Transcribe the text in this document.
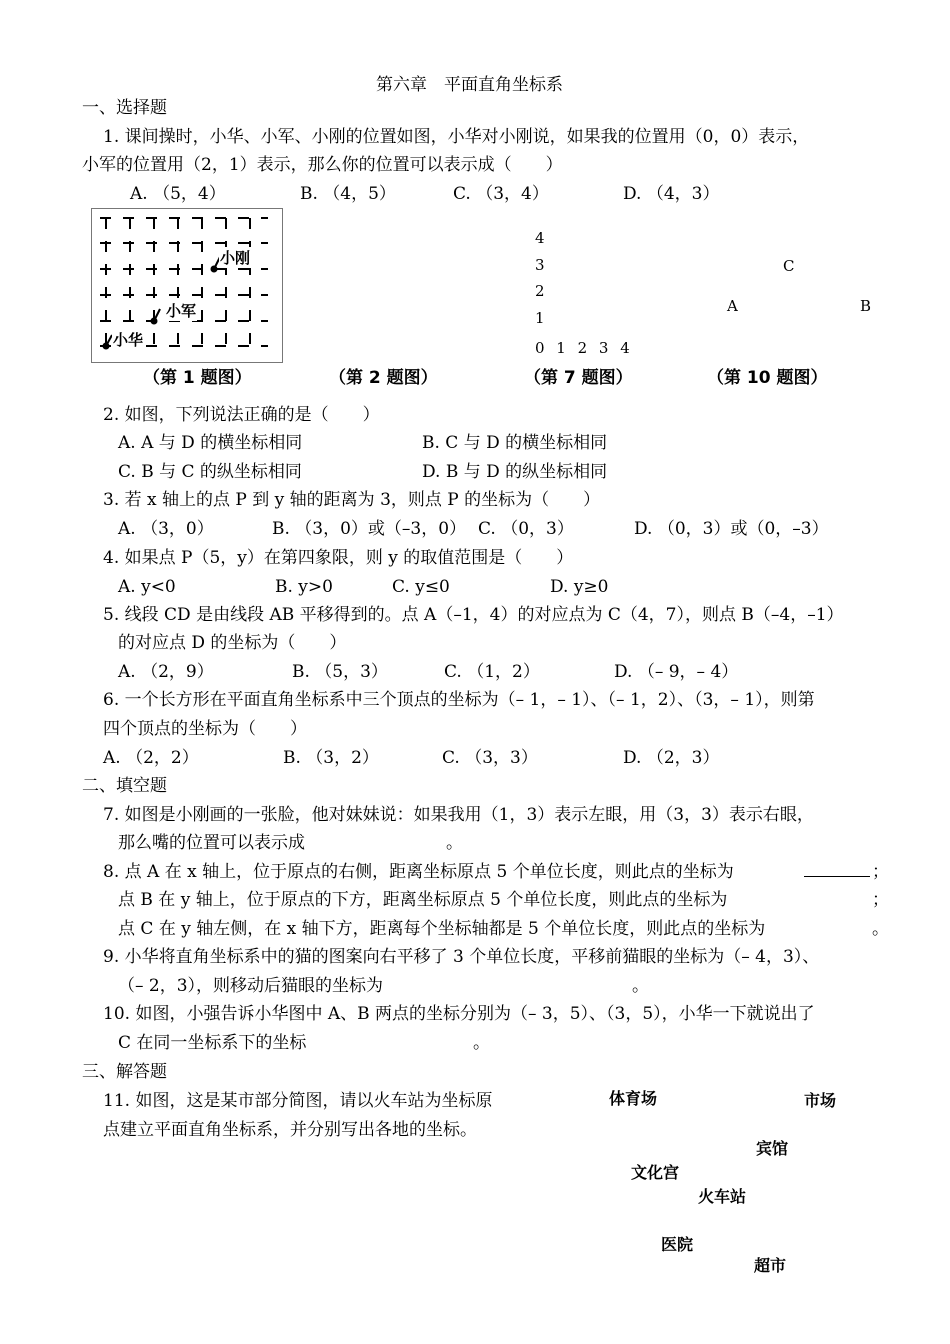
第六章　平面直角坐标系
一、选择题
1. 课间操时，小华、小军、小刚的位置如图，小华对小刚说，如果我的位置用（0，0）表示，
小军的位置用（2，1）表示，那么你的位置可以表示成（　　）
A. （5，4）	B. （4，5）	C. （3，4）	D. （4，3）
小刚
小军
小华
4
3
2
1
0 1 2 3 4
C
A	B
（第 1 题图）	（第 2 题图）	（第 7 题图）	（第 10 题图）
2. 如图，下列说法正确的是（　　）
A. A 与 D 的横坐标相同	B. C 与 D 的横坐标相同
C. B 与 C 的纵坐标相同	D. B 与 D 的纵坐标相同
3. 若 x 轴上的点 P 到 y 轴的距离为 3，则点 P 的坐标为（　　）
A. （3，0）	B. （3，0）或（–3，0） C. （0，3）	D. （0，3）或（0，–3）
4. 如果点 P（5，y）在第四象限，则 y 的取值范围是（　　）
A. y<0	B. y>0	C. y≤0	D. y≥0
5. 线段 CD 是由线段 AB 平移得到的。点 A（–1，4）的对应点为 C（4，7），则点 B（–4，–1）
的对应点 D 的坐标为（　　）
A. （2，9）	B. （5，3）	C. （1，2）	D. （– 9，– 4）
6. 一个长方形在平面直角坐标系中三个顶点的坐标为（– 1，– 1）、（– 1，2）、（3，– 1），则第
四个顶点的坐标为（　　）
A. （2，2）	B. （3，2）	C. （3，3）	D. （2，3）
二、填空题
7. 如图是小刚画的一张脸，他对妹妹说：如果我用（1，3）表示左眼，用（3，3）表示右眼，
那么嘴的位置可以表示成	。
8. 点 A 在 x 轴上，位于原点的右侧，距离坐标原点 5 个单位长度，则此点的坐标为	；
点 B 在 y 轴上，位于原点的下方，距离坐标原点 5 个单位长度，则此点的坐标为	；
点 C 在 y 轴左侧，在 x 轴下方，距离每个坐标轴都是 5 个单位长度，则此点的坐标为	。
9. 小华将直角坐标系中的猫的图案向右平移了 3 个单位长度，平移前猫眼的坐标为（– 4，3）、
（– 2，3），则移动后猫眼的坐标为	。
10. 如图，小强告诉小华图中 A、B 两点的坐标分别为（– 3，5）、（3，5），小华一下就说出了
C 在同一坐标系下的坐标	。
三、解答题
11. 如图，这是某市部分简图，请以火车站为坐标原
点建立平面直角坐标系，并分别写出各地的坐标。
体育场	市场
宾馆
文化宫
火车站
医院
超市
